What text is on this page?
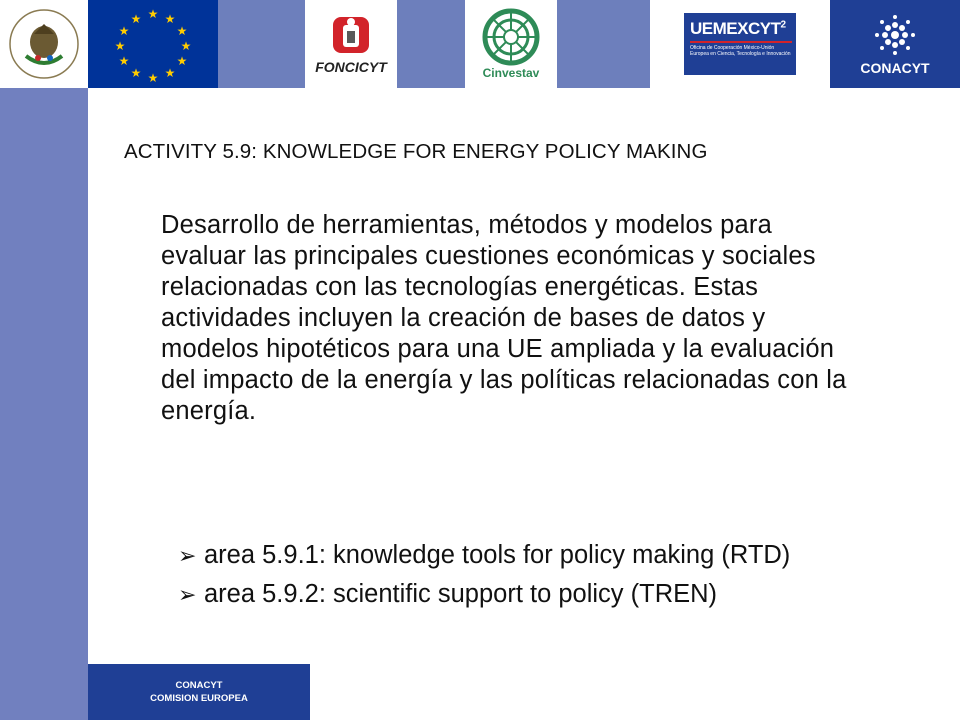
★ ★
★
★
★
★
★
★
★
★
★
★
FONCICYT	Cinvestav
UEMEXCYT$^2$
Oficina de Cooperación México-Unión Europea en Ciencia, Tecnología e Innovación
CONACYT
ACTIVITY 5.9: KNOWLEDGE FOR ENERGY POLICY MAKING
Desarrollo de herramientas, métodos y modelos para evaluar las principales cuestiones económicas y sociales relacionadas con las tecnologías energéticas. Estas actividades incluyen la creación de bases de datos y modelos hipotéticos para una UE ampliada y la evaluación del impacto de la energía y las políticas relacionadas con la energía.
➢ area 5.9.1: knowledge tools for policy making (RTD)
➢ area 5.9.2: scientific support to policy (TREN)
CONACYT
COMISION EUROPEA
